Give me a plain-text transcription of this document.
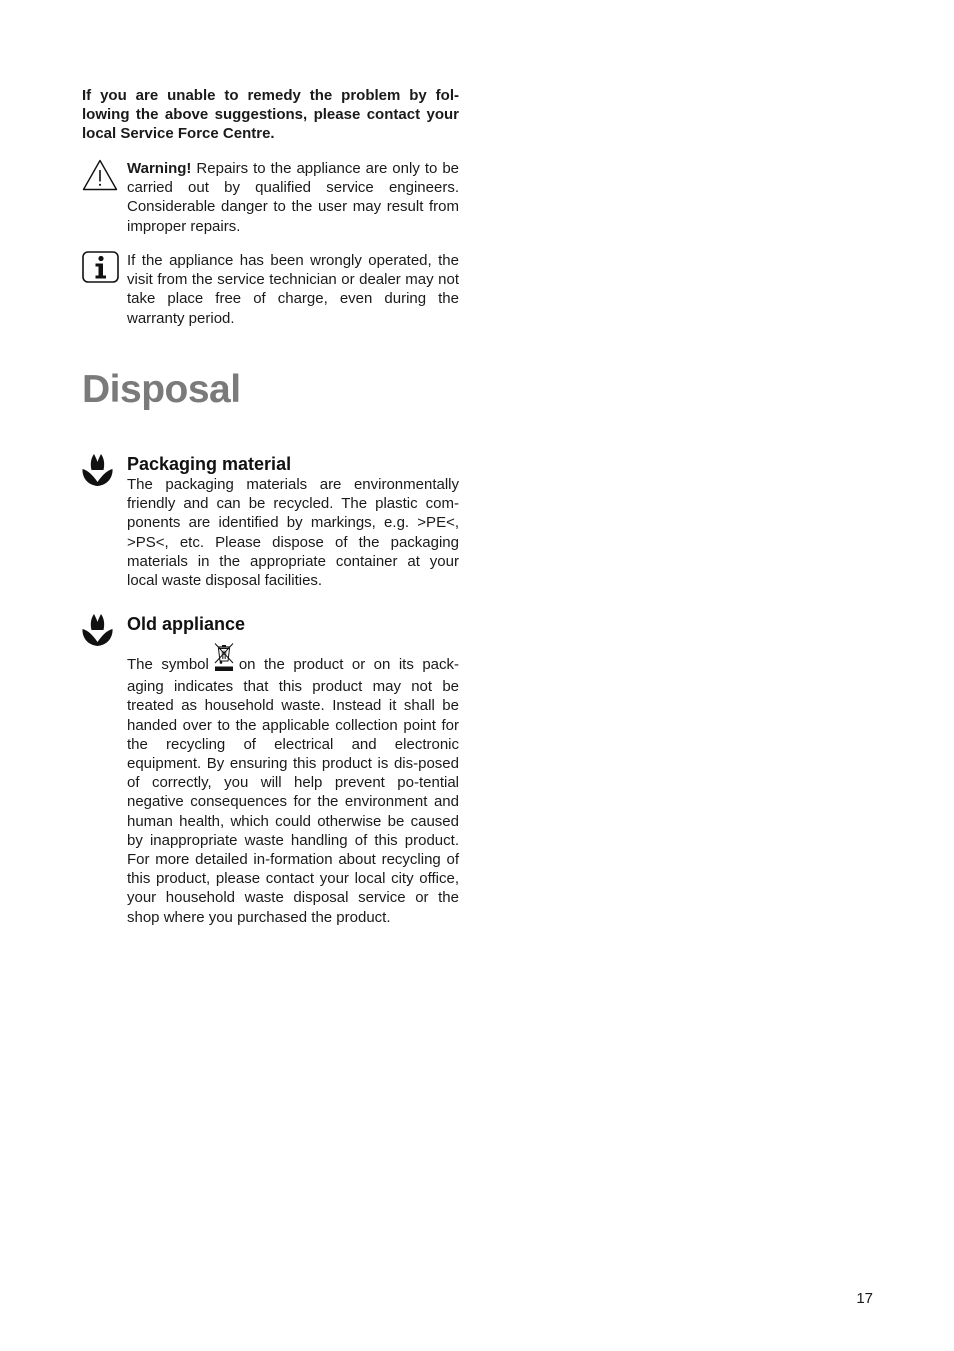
If you are unable to remedy the problem by fol-lowing the above suggestions, please contact your local Service Force Centre.

Warning! Repairs to the appliance are only to be carried out by qualified service engineers. Considerable danger to the user may result from improper repairs.

If the appliance has been wrongly operated, the visit from the service technician or dealer may not take place free of charge, even during the warranty period.

Disposal
Packaging material

The packaging materials are environmentally friendly and can be recycled. The plastic com-ponents are identified by markings, e.g. >PE<, >PS<, etc. Please dispose of the packaging materials in the appropriate container at your local waste disposal facilities.

Old appliance

The symbol on the product or on its pack-aging indicates that this product may not be treated as household waste. Instead it shall be handed over to the applicable collection point for the recycling of electrical and electronic equipment. By ensuring this product is dis-posed of correctly, you will help prevent po-tential negative consequences for the environment and human health, which could otherwise be caused by inappropriate waste handling of this product. For more detailed in-formation about recycling of this product, please contact your local city office, your household waste disposal service or the shop where you purchased the product.

17
